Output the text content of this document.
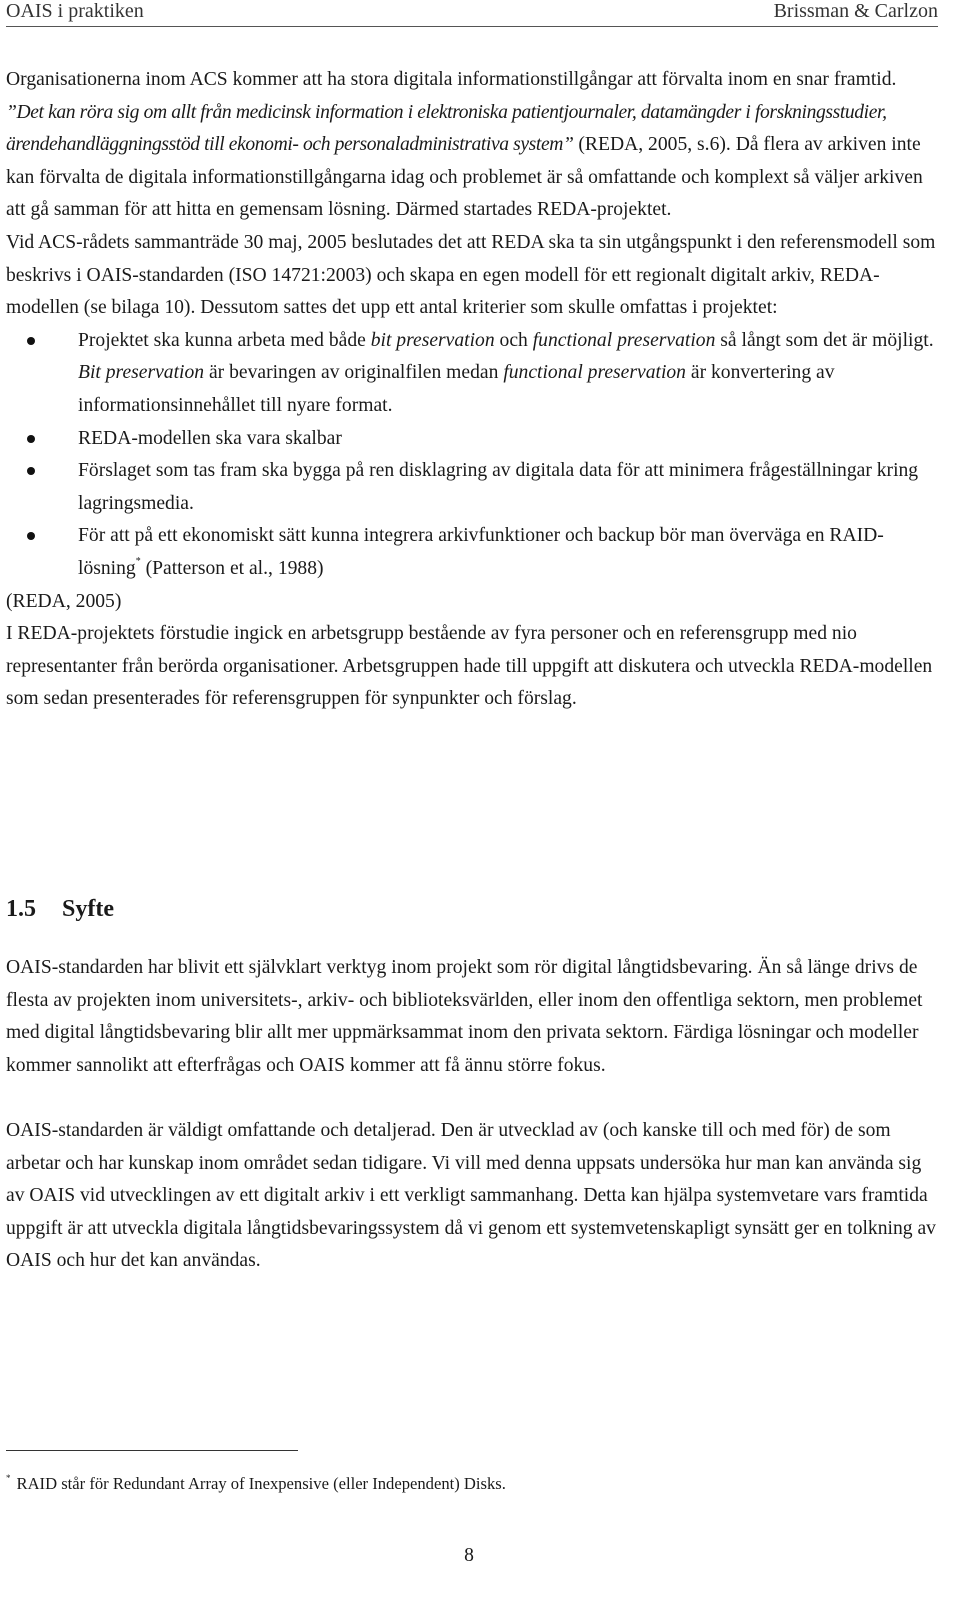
OAIS i praktiken	Brissman & Carlzon

Organisationerna inom ACS kommer att ha stora digitala informationstillgångar att förvalta inom en snar framtid. ”Det kan röra sig om allt från medicinsk information i elektroniska patientjournaler, datamängder i forskningsstudier, ärendehandläggningsstöd till ekonomi- och personaladministrativa system” (REDA, 2005, s.6). Då flera av arkiven inte kan förvalta de digitala informationstillgångarna idag och problemet är så omfattande och komplext så väljer arkiven att gå samman för att hitta en gemensam lösning. Därmed startades REDA-projektet.

Vid ACS-rådets sammanträde 30 maj, 2005 beslutades det att REDA ska ta sin utgångspunkt i den referensmodell som beskrivs i OAIS-standarden (ISO 14721:2003) och skapa en egen modell för ett regionalt digitalt arkiv, REDA-modellen (se bilaga 10). Dessutom sattes det upp ett antal kriterier som skulle omfattas i projektet:

Projektet ska kunna arbeta med både bit preservation och functional preservation så långt som det är möjligt. Bit preservation är bevaringen av originalfilen medan functional preservation är konvertering av informationsinnehållet till nyare format.
REDA-modellen ska vara skalbar
Förslaget som tas fram ska bygga på ren disklagring av digitala data för att minimera frågeställningar kring lagringsmedia.
För att på ett ekonomiskt sätt kunna integrera arkivfunktioner och backup bör man överväga en RAID-lösning* (Patterson et al., 1988)

(REDA, 2005)

I REDA-projektets förstudie ingick en arbetsgrupp bestående av fyra personer och en referensgrupp med nio representanter från berörda organisationer. Arbetsgruppen hade till uppgift att diskutera och utveckla REDA-modellen som sedan presenterades för referensgruppen för synpunkter och förslag.

1.5 Syfte

OAIS-standarden har blivit ett självklart verktyg inom projekt som rör digital långtidsbevaring. Än så länge drivs de flesta av projekten inom universitets-, arkiv- och biblioteksvärlden, eller inom den offentliga sektorn, men problemet med digital långtidsbevaring blir allt mer uppmärksammat inom den privata sektorn. Färdiga lösningar och modeller kommer sannolikt att efterfrågas och OAIS kommer att få ännu större fokus.

OAIS-standarden är väldigt omfattande och detaljerad. Den är utvecklad av (och kanske till och med för) de som arbetar och har kunskap inom området sedan tidigare. Vi vill med denna uppsats undersöka hur man kan använda sig av OAIS vid utvecklingen av ett digitalt arkiv i ett verkligt sammanhang. Detta kan hjälpa systemvetare vars framtida uppgift är att utveckla digitala långtidsbevaringssystem då vi genom ett systemvetenskapligt synsätt ger en tolkning av OAIS och hur det kan användas.

* RAID står för Redundant Array of Inexpensive (eller Independent) Disks.
8
